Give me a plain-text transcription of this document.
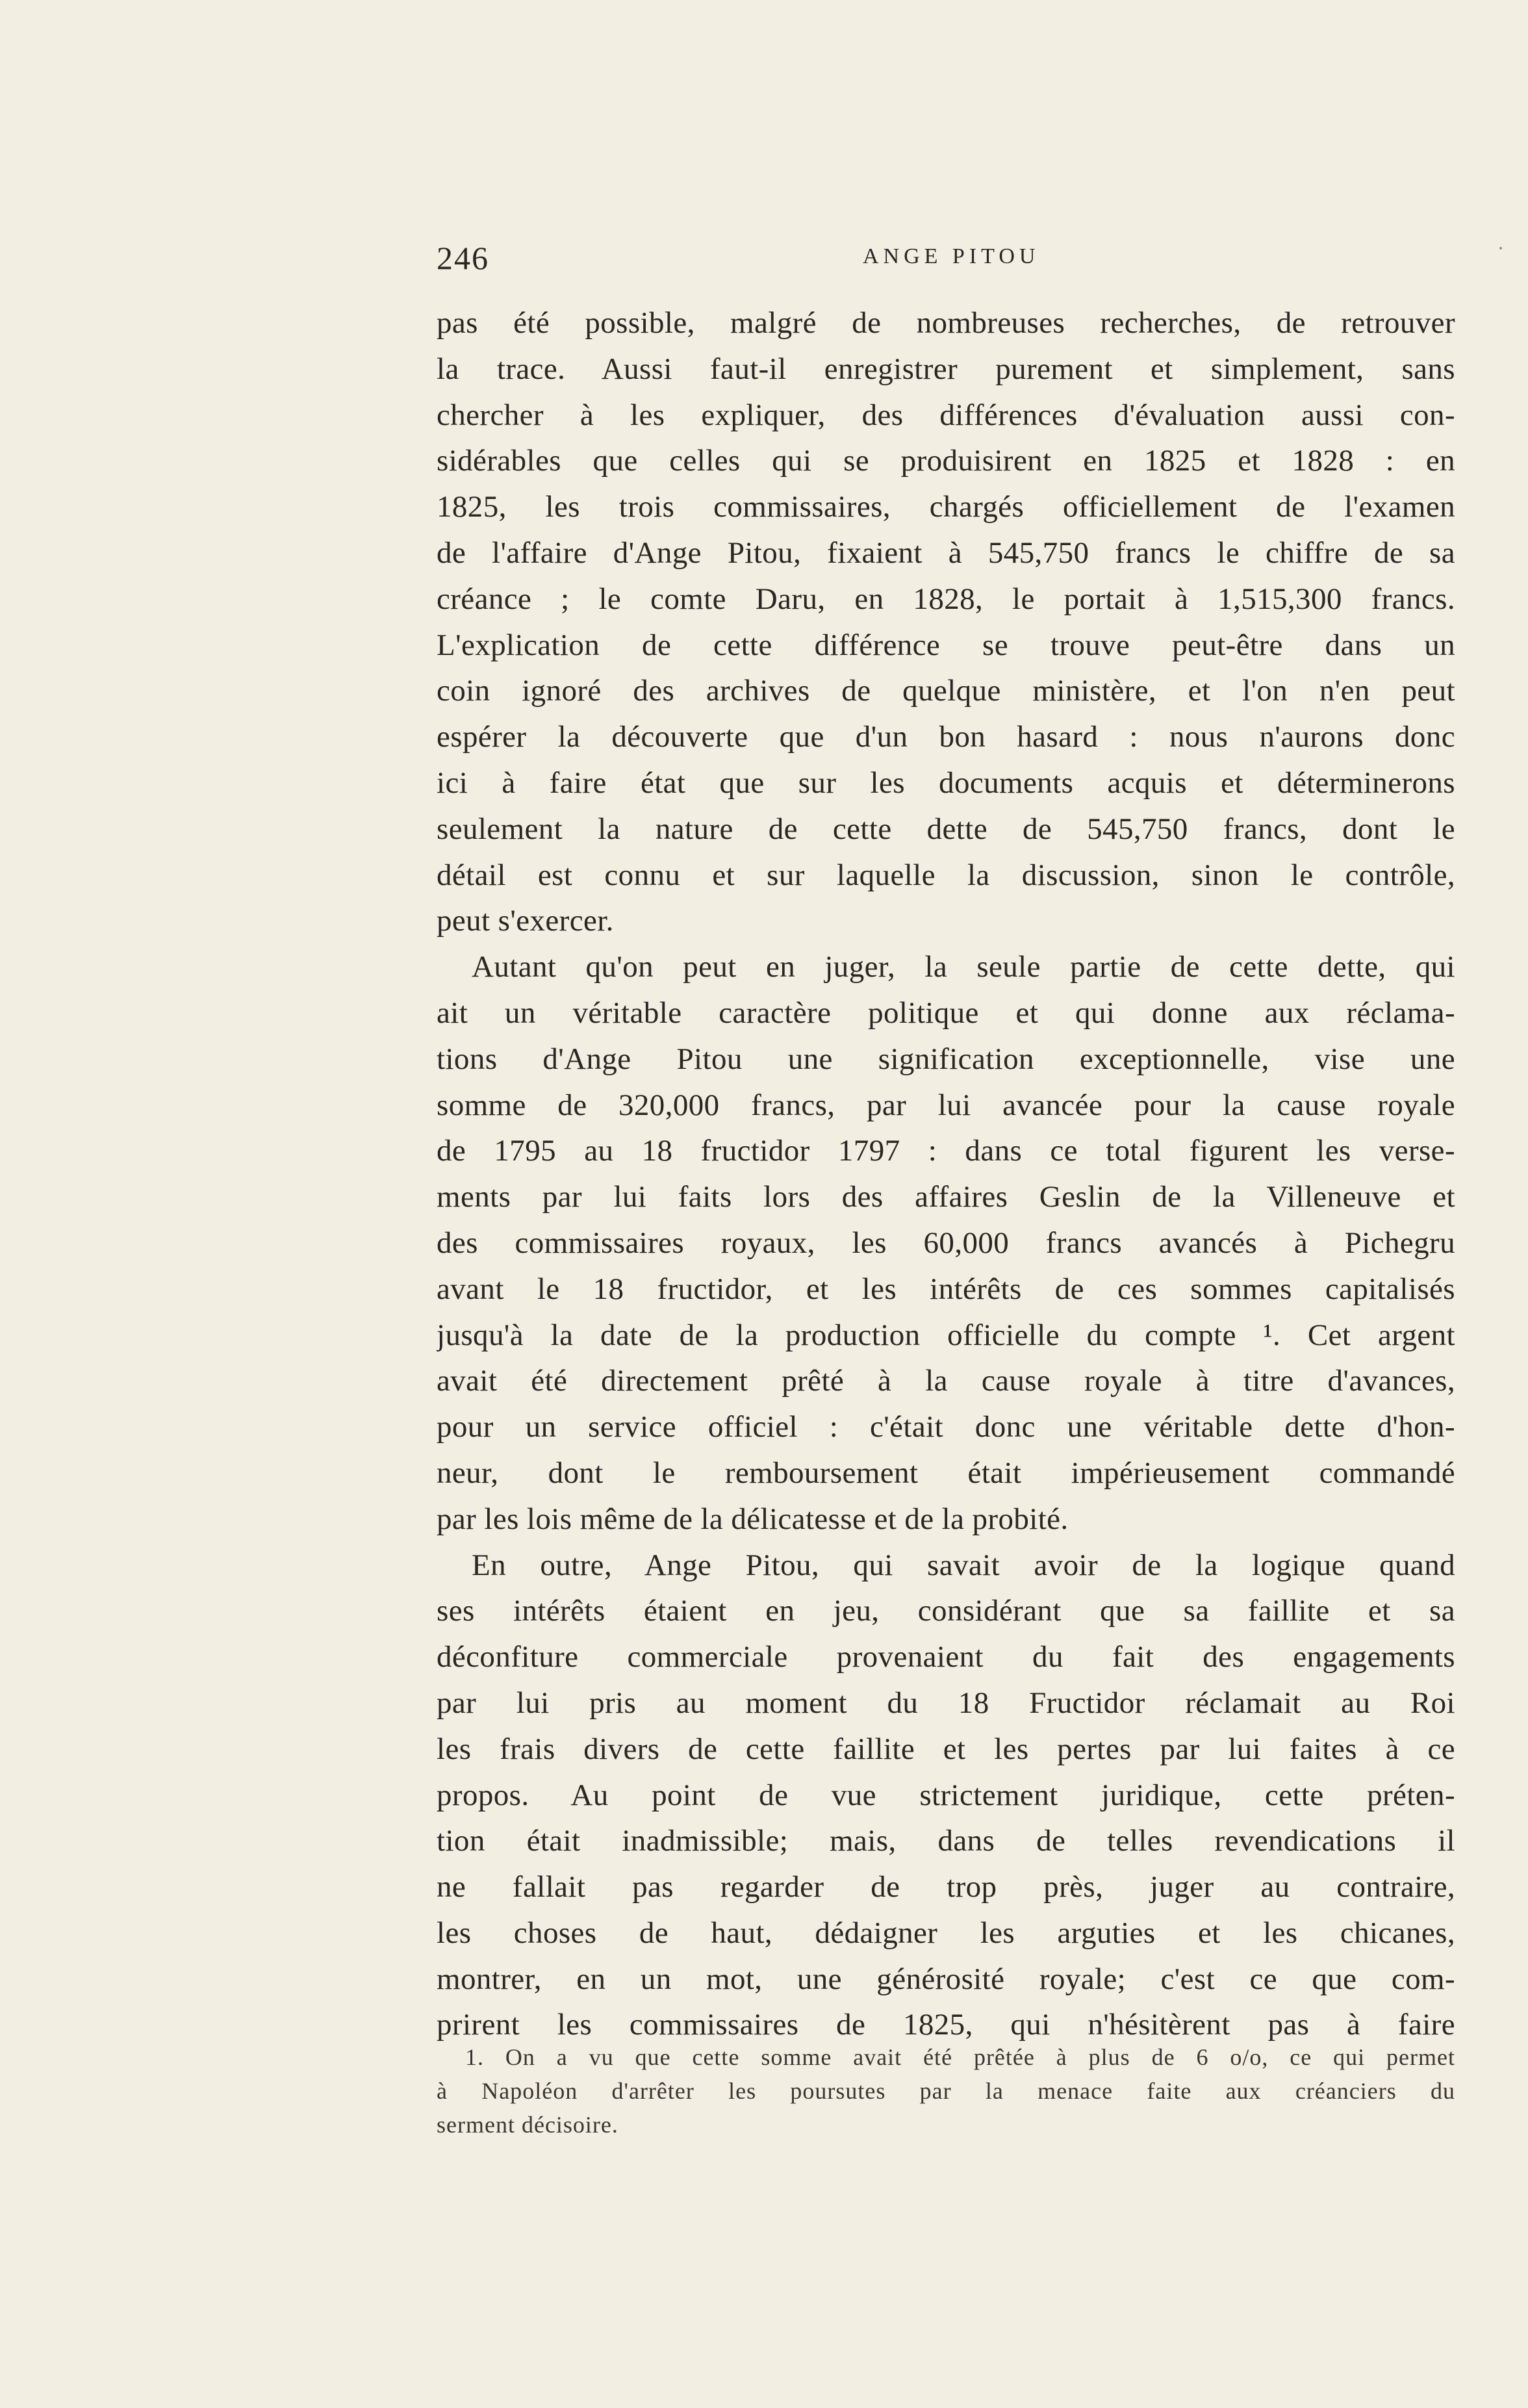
246	ANGE PITOU
pas été possible, malgré de nombreuses recherches, de retrouver
la trace. Aussi faut-il enregistrer purement et simplement, sans
chercher à les expliquer, des différences d'évaluation aussi con-
sidérables que celles qui se produisirent en 1825 et 1828 : en
1825, les trois commissaires, chargés officiellement de l'examen
de l'affaire d'Ange Pitou, fixaient à 545,750 francs le chiffre de sa
créance ; le comte Daru, en 1828, le portait à 1,515,300 francs.
L'explication de cette différence se trouve peut-être dans un
coin ignoré des archives de quelque ministère, et l'on n'en peut
espérer la découverte que d'un bon hasard : nous n'aurons donc
ici à faire état que sur les documents acquis et déterminerons
seulement la nature de cette dette de 545,750 francs, dont le
détail est connu et sur laquelle la discussion, sinon le contrôle,
peut s'exercer.
Autant qu'on peut en juger, la seule partie de cette dette, qui
ait un véritable caractère politique et qui donne aux réclama-
tions d'Ange Pitou une signification exceptionnelle, vise une
somme de 320,000 francs, par lui avancée pour la cause royale
de 1795 au 18 fructidor 1797 : dans ce total figurent les verse-
ments par lui faits lors des affaires Geslin de la Villeneuve et
des commissaires royaux, les 60,000 francs avancés à Pichegru
avant le 18 fructidor, et les intérêts de ces sommes capitalisés
jusqu'à la date de la production officielle du compte ¹. Cet argent
avait été directement prêté à la cause royale à titre d'avances,
pour un service officiel : c'était donc une véritable dette d'hon-
neur, dont le remboursement était impérieusement commandé
par les lois même de la délicatesse et de la probité.
En outre, Ange Pitou, qui savait avoir de la logique quand
ses intérêts étaient en jeu, considérant que sa faillite et sa
déconfiture commerciale provenaient du fait des engagements
par lui pris au moment du 18 Fructidor réclamait au Roi
les frais divers de cette faillite et les pertes par lui faites à ce
propos. Au point de vue strictement juridique, cette préten-
tion était inadmissible; mais, dans de telles revendications il
ne fallait pas regarder de trop près, juger au contraire,
les choses de haut, dédaigner les arguties et les chicanes,
montrer, en un mot, une générosité royale; c'est ce que com-
prirent les commissaires de 1825, qui n'hésitèrent pas à faire
1. On a vu que cette somme avait été prêtée à plus de 6 o/o, ce qui permet
à Napoléon d'arrêter les poursutes par la menace faite aux créanciers du
serment décisoire.
